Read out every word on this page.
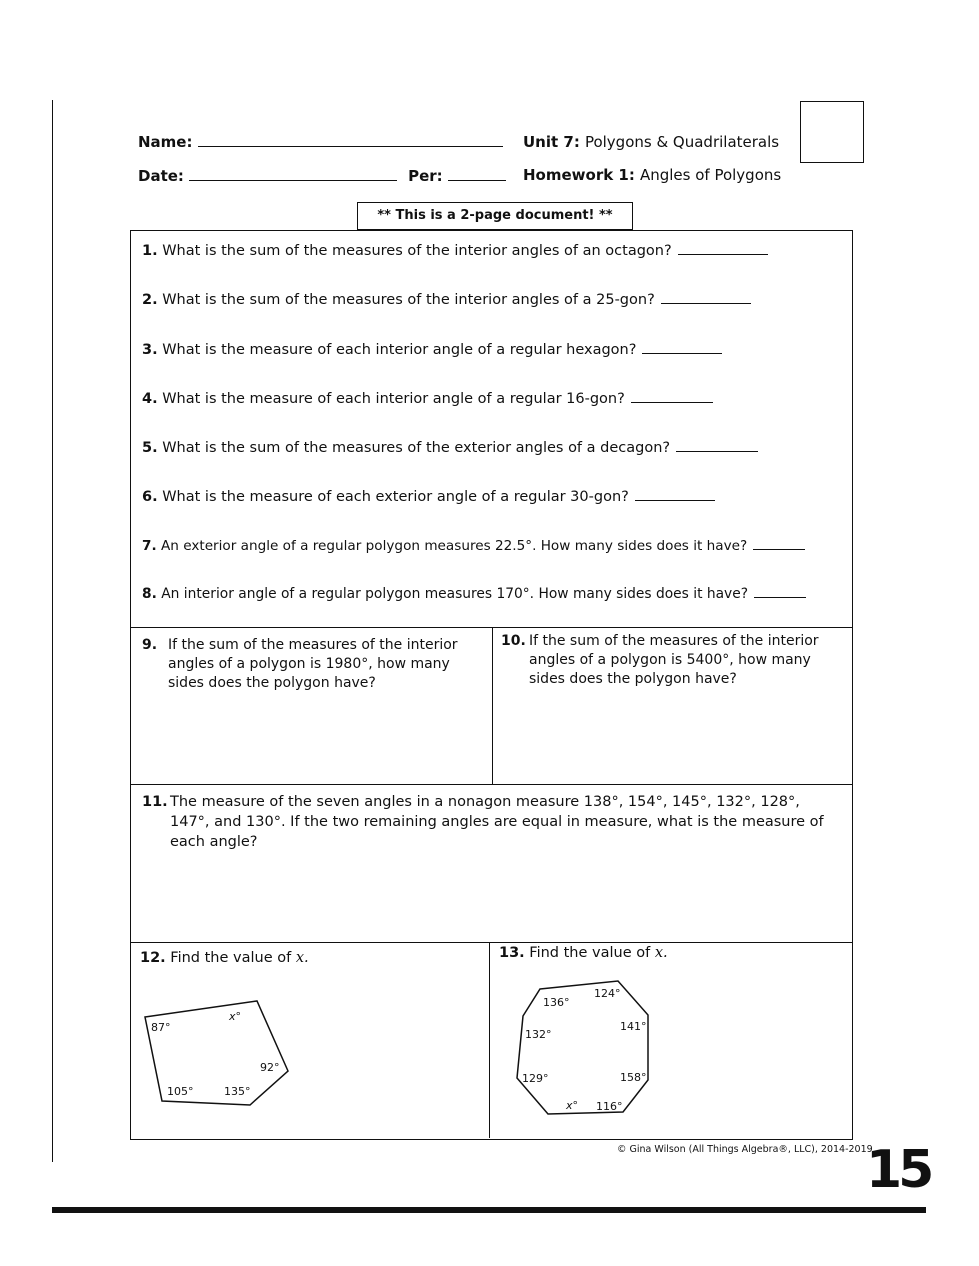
Name:
Date:	Per:
Unit 7: Polygons & Quadrilaterals
Homework 1: Angles of Polygons
** This is a 2-page document! **
1. What is the sum of the measures of the interior angles of an octagon?
2. What is the sum of the measures of the interior angles of a 25-gon?
3. What is the measure of each interior angle of a regular hexagon?
4. What is the measure of each interior angle of a regular 16-gon?
5. What is the sum of the measures of the exterior angles of a decagon?
6. What is the measure of each exterior angle of a regular 30-gon?
7. An exterior angle of a regular polygon measures 22.5°. How many sides does it have?
8. An interior angle of a regular polygon measures 170°. How many sides does it have?
9. If the sum of the measures of the interior angles of a polygon is 1980°, how many sides does the polygon have?
10. If the sum of the measures of the interior angles of a polygon is 5400°, how many sides does the polygon have?
11. The measure of the seven angles in a nonagon measure 138°, 154°, 145°, 132°, 128°, 147°, and 130°. If the two remaining angles are equal in measure, what is the measure of each angle?
12. Find the value of x.
87°
x°
92°
135°
105°
13. Find the value of x.
136°
124°
141°
158°
116°
x°
129°
132°
© Gina Wilson (All Things Algebra®, LLC), 2014-2019
15
